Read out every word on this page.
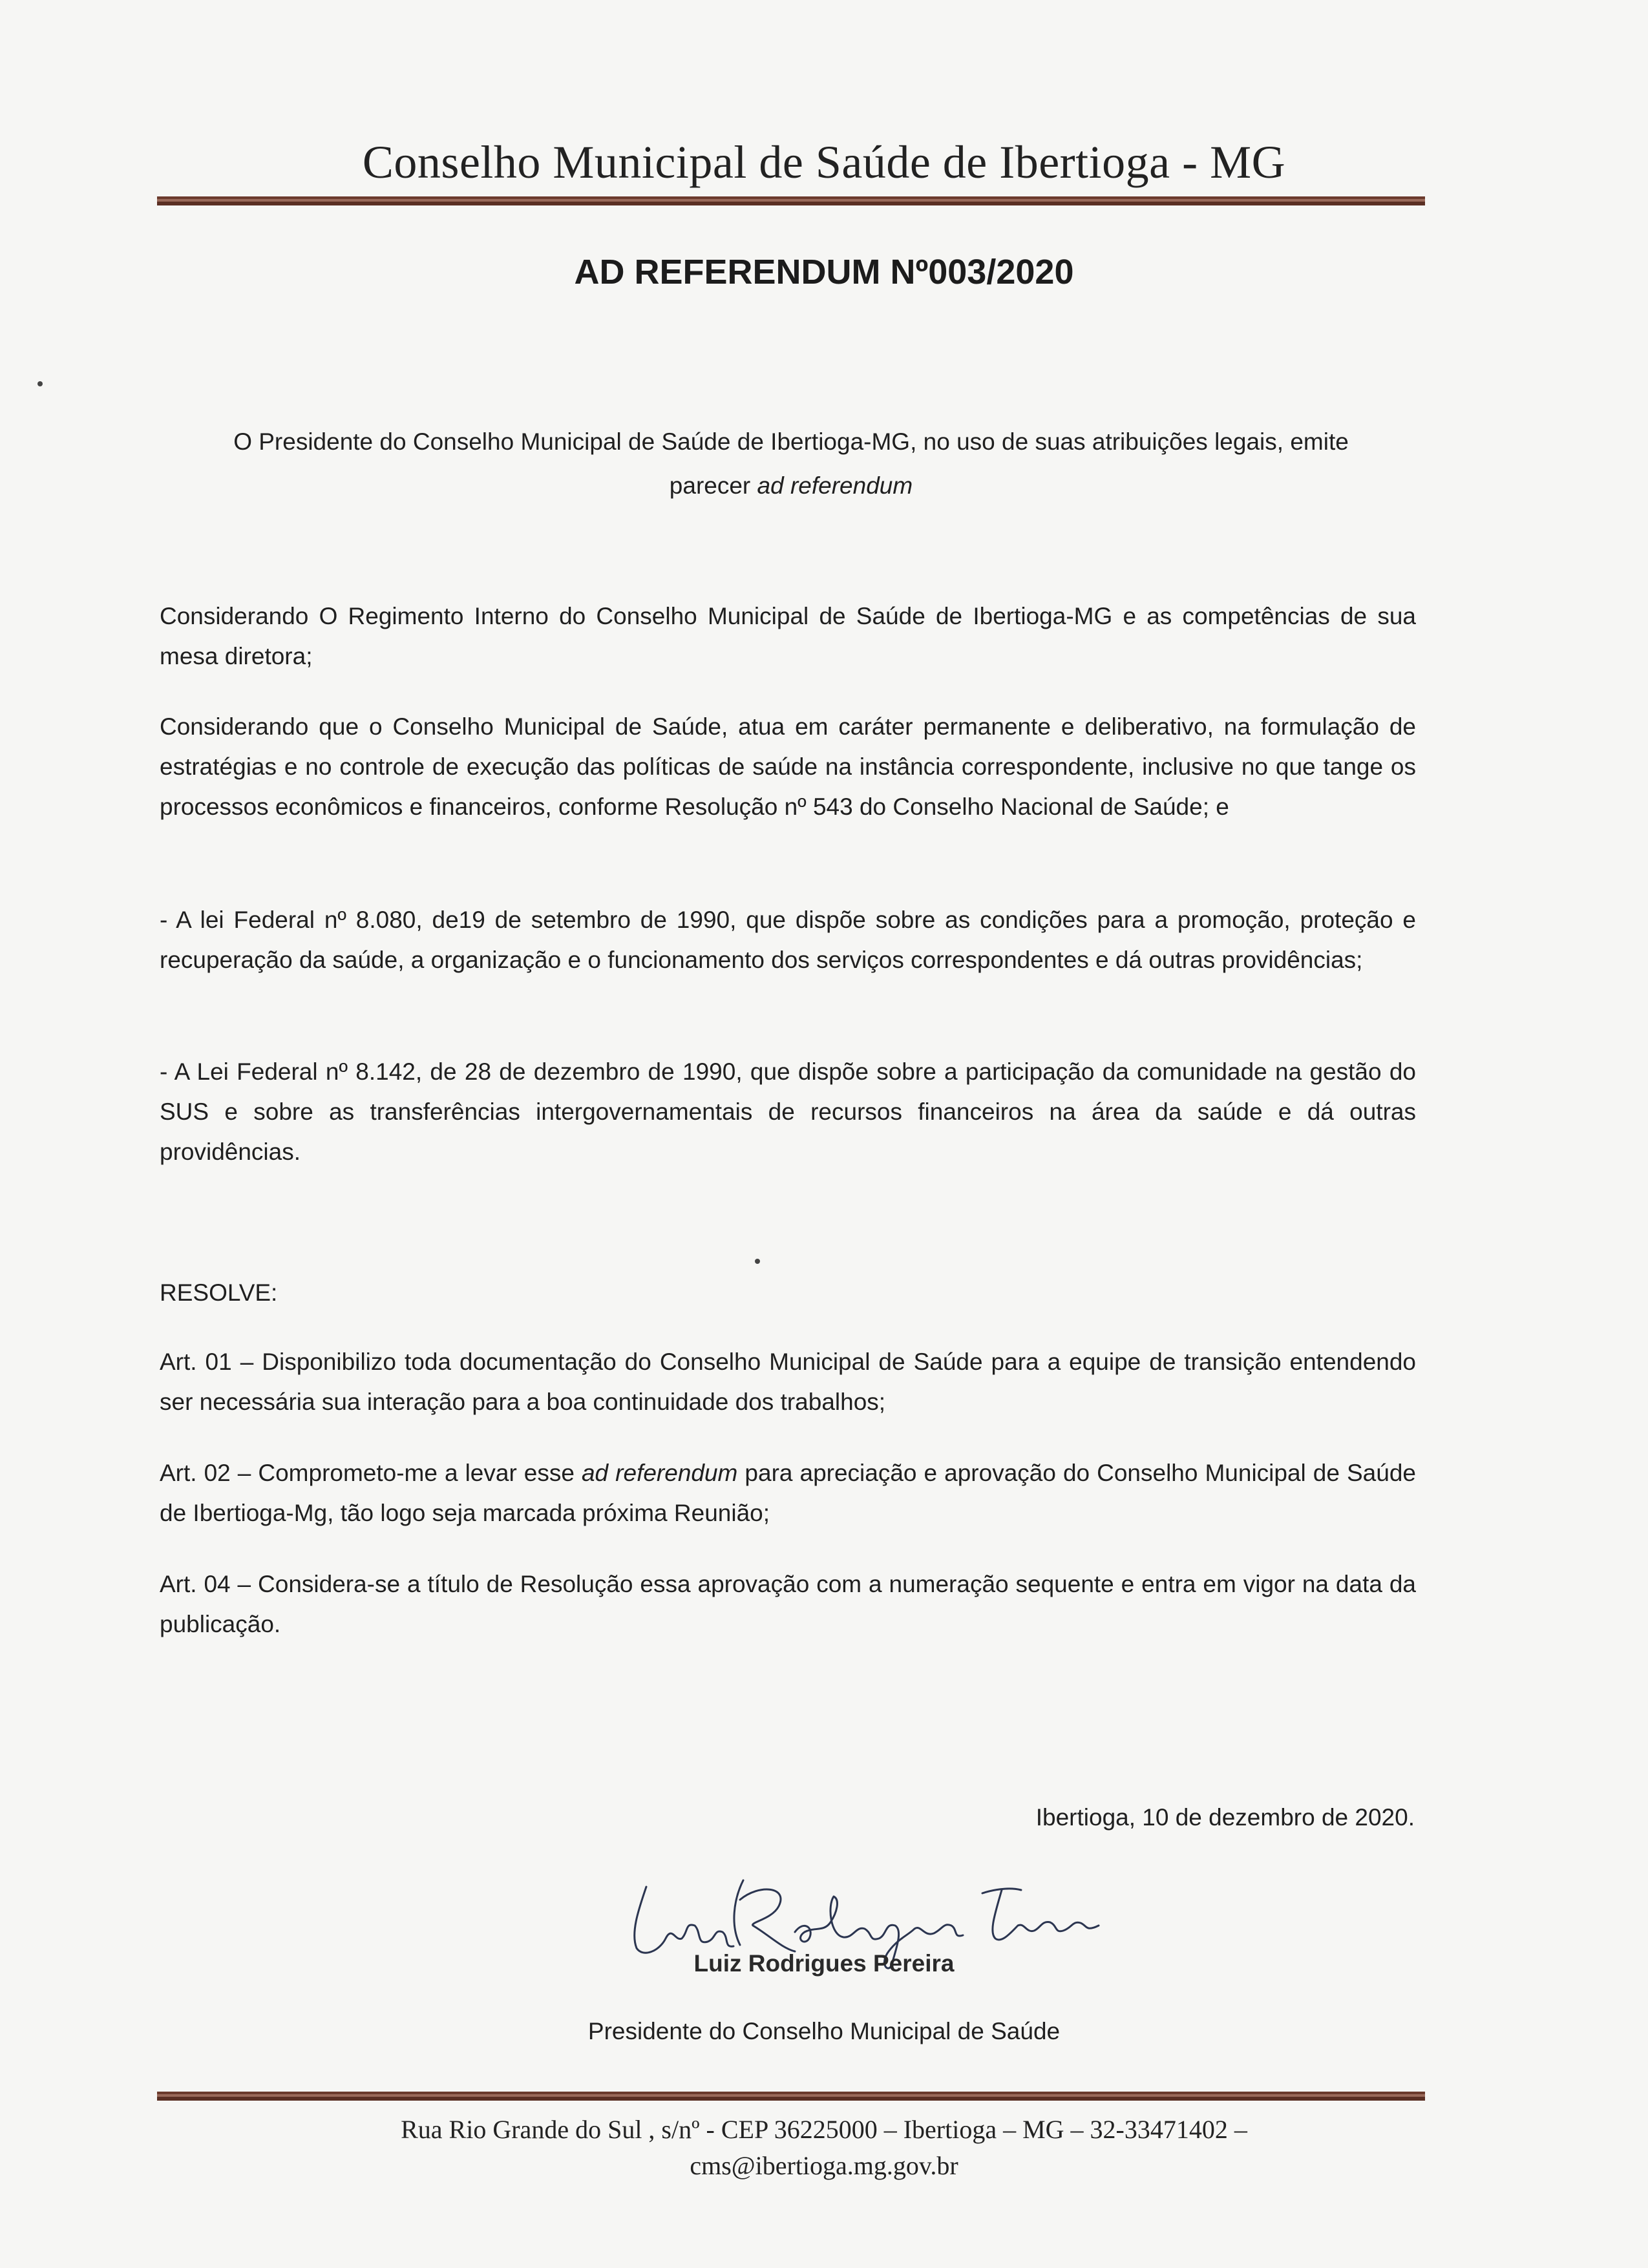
Conselho Municipal de Saúde de Ibertioga - MG
AD REFERENDUM Nº003/2020
O Presidente do Conselho Municipal de Saúde de Ibertioga-MG, no uso de suas atribuições legais, emite
parecer ad referendum

Considerando O Regimento Interno do Conselho Municipal de Saúde de Ibertioga-MG e as competências de sua mesa diretora;

Considerando que o Conselho Municipal de Saúde, atua em caráter permanente e deliberativo, na formulação de estratégias e no controle de execução das políticas de saúde na instância correspondente, inclusive no que tange os processos econômicos e financeiros, conforme Resolução nº 543 do Conselho Nacional de Saúde; e

- A lei Federal nº 8.080, de19 de setembro de 1990, que dispõe sobre as condições para a promoção, proteção e recuperação da saúde, a organização e o funcionamento dos serviços correspondentes e dá outras providências;

- A Lei Federal nº 8.142, de 28 de dezembro de 1990, que dispõe sobre a participação da comunidade na gestão do SUS e sobre as transferências intergovernamentais de recursos financeiros na área da saúde e dá outras providências.

RESOLVE:

Art. 01 – Disponibilizo toda documentação do Conselho Municipal de Saúde para a equipe de transição entendendo ser necessária sua interação para a boa continuidade dos trabalhos;

Art. 02 – Comprometo-me a levar esse ad referendum para apreciação e aprovação do Conselho Municipal de Saúde de Ibertioga-Mg, tão logo seja marcada próxima Reunião;

Art. 04 – Considera-se a título de Resolução essa aprovação com a numeração sequente e entra em vigor na data da publicação.

Ibertioga, 10 de dezembro de 2020.
Luiz Rodrigues Pereira
Presidente do Conselho Municipal de Saúde
Rua Rio Grande do Sul , s/nº - CEP 36225000 – Ibertioga – MG – 32-33471402 –
cms@ibertioga.mg.gov.br
